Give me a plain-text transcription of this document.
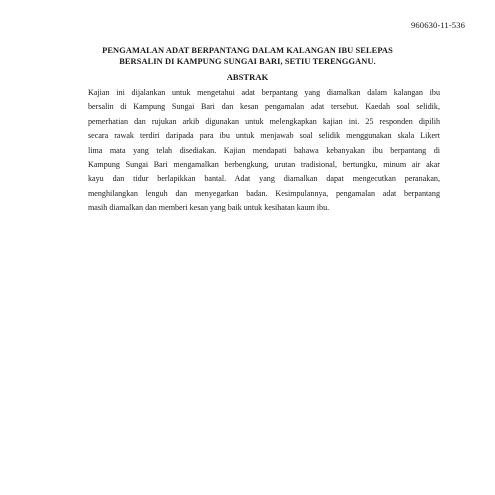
960630-11-536
PENGAMALAN ADAT BERPANTANG DALAM KALANGAN IBU SELEPAS
BERSALIN DI KAMPUNG SUNGAI BARI, SETIU TERENGGANU.
ABSTRAK
Kajian ini dijalankan untuk mengetahui adat berpantang yang diamalkan dalam kalangan ibu
bersalin di Kampung Sungai Bari dan kesan pengamalan adat tersebut. Kaedah soal selidik,
pemerhatian dan rujukan arkib digunakan untuk melengkapkan kajian ini. 25 responden dipilih
secara rawak terdiri daripada para ibu untuk menjawab soal selidik menggunakan skala Likert
lima mata yang telah disediakan. Kajian mendapati bahawa kebanyakan ibu berpantang di
Kampung Sungai Bari mengamalkan berbengkung, urutan tradisional, bertungku, minum air akar
kayu dan tidur berlapikkan bantal. Adat yang diamalkan dapat mengecutkan peranakan,
menghilangkan lenguh dan menyegarkan badan. Kesimpulannya, pengamalan adat berpantang
masih diamalkan dan memberi kesan yang baik untuk kesihatan kaum ibu.
